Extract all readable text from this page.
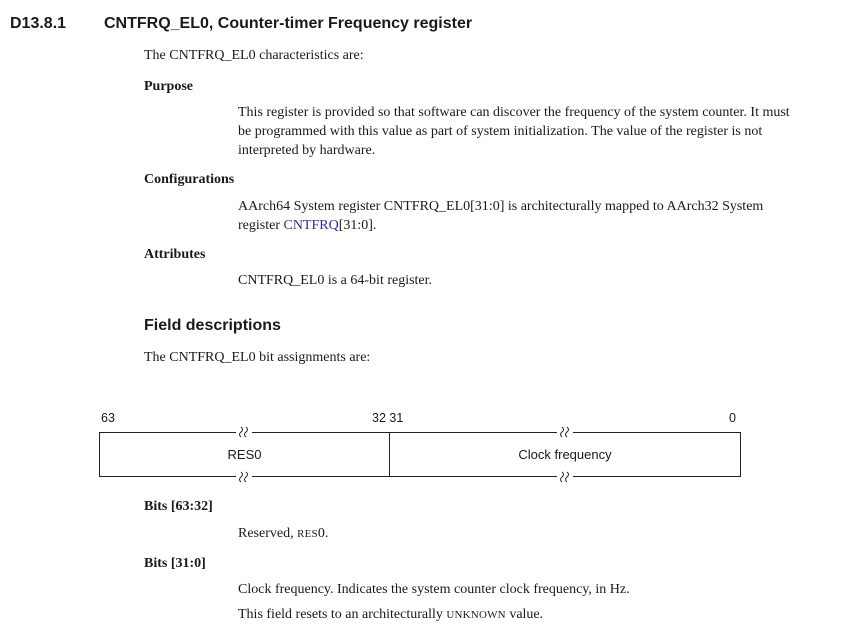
D13.8.1 CNTFRQ_EL0, Counter-timer Frequency register
The CNTFRQ_EL0 characteristics are:
Purpose
This register is provided so that software can discover the frequency of the system counter. It must
be programmed with this value as part of system initialization. The value of the register is not
interpreted by hardware.
Configurations
AArch64 System register CNTFRQ_EL0[31:0] is architecturally mapped to AArch32 System
register CNTFRQ[31:0].
Attributes
CNTFRQ_EL0 is a 64-bit register.
Field descriptions
The CNTFRQ_EL0 bit assignments are:
63	32 31	0
RES0	Clock frequency
Bits [63:32]
Reserved, RES0.
Bits [31:0]
Clock frequency. Indicates the system counter clock frequency, in Hz.
This field resets to an architecturally UNKNOWN value.
